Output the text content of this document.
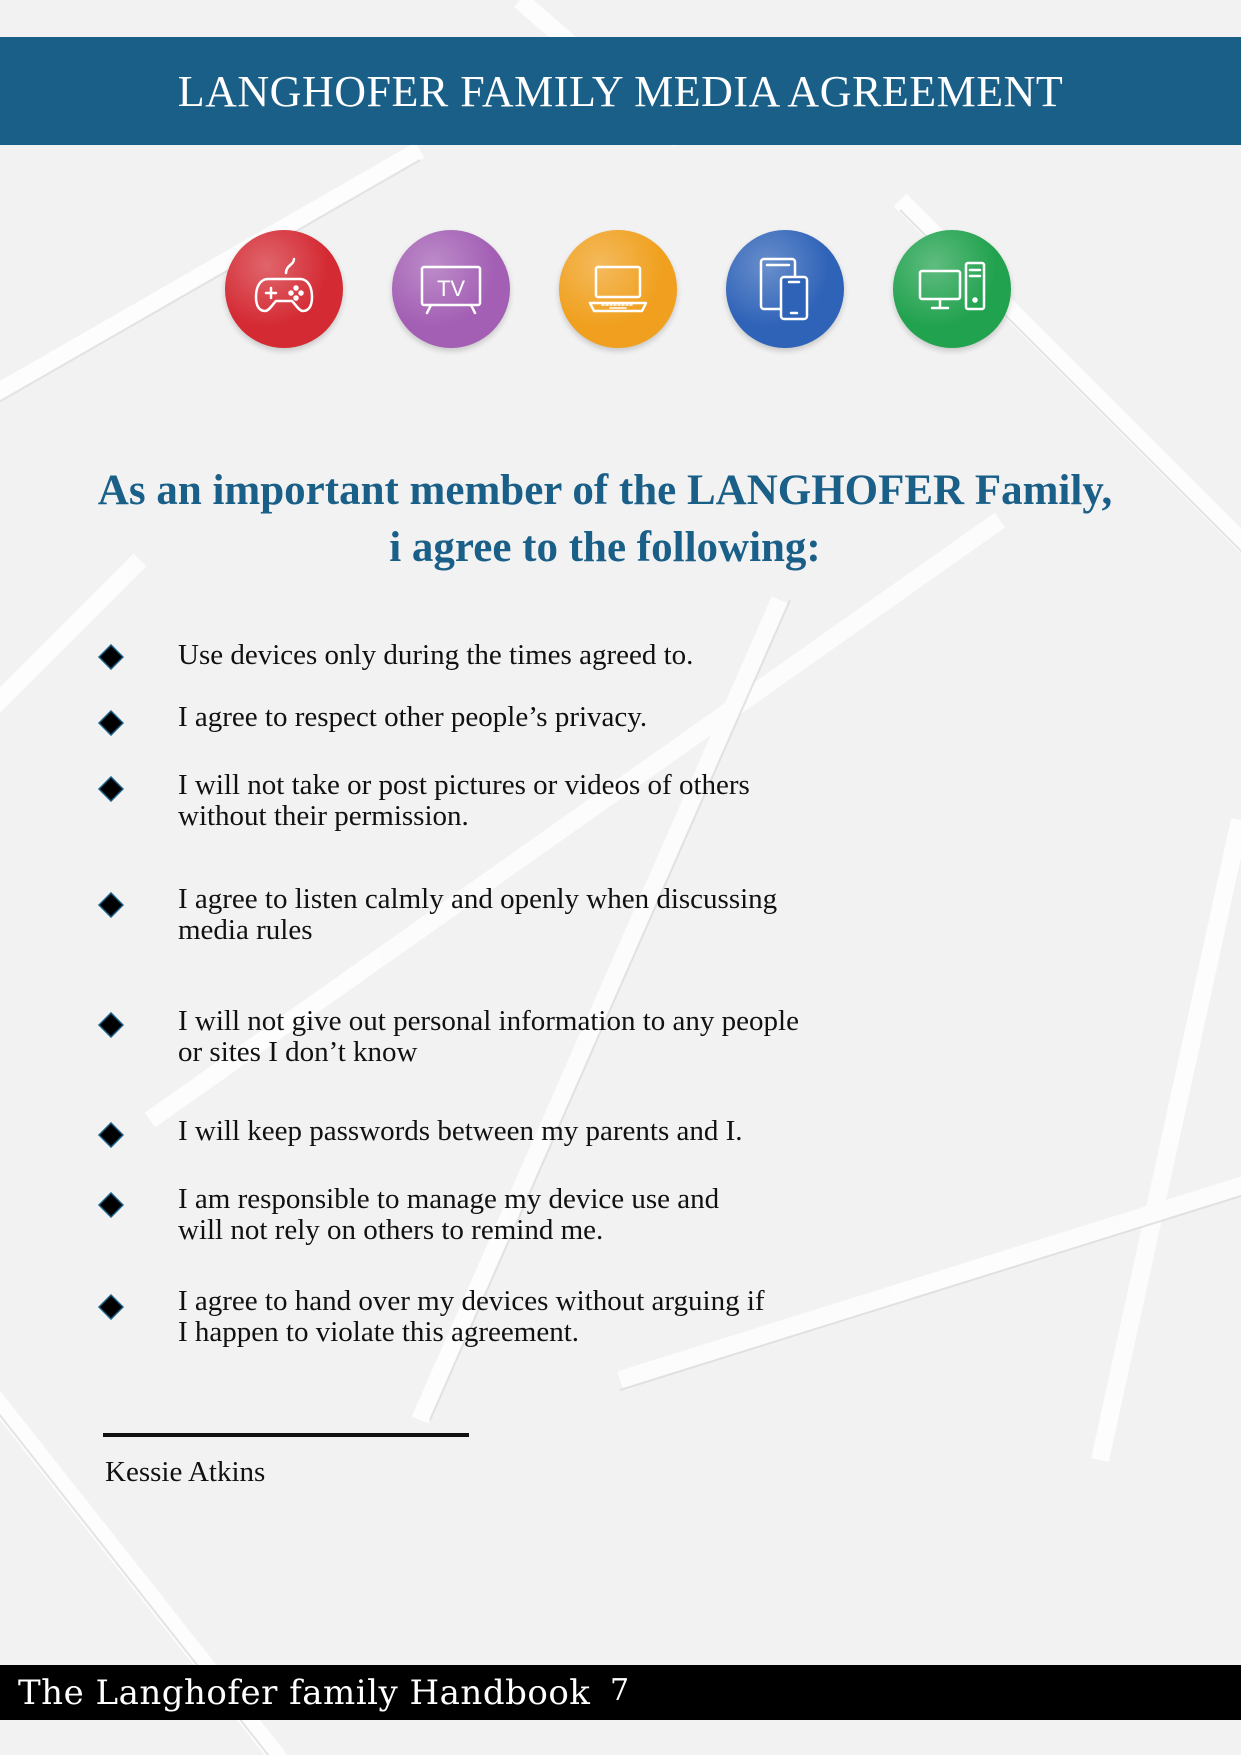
LANGHOFER FAMILY MEDIA AGREEMENT
TV
As an important member of the LANGHOFER Family,
i agree to the following:
Use devices only during the times agreed to.
I agree to respect other people’s privacy.
I will not take or post pictures or videos of others
without their permission.
I agree to listen calmly and openly when discussing
media rules
I will not give out personal information to any people
or sites I don’t know
I will keep passwords between my parents and I.
I am responsible to manage my device use and
will not rely on others to remind me.
I agree to hand over my devices without arguing if
I happen to violate this agreement.
Kessie Atkins
The Langhofer family Handbook 7
